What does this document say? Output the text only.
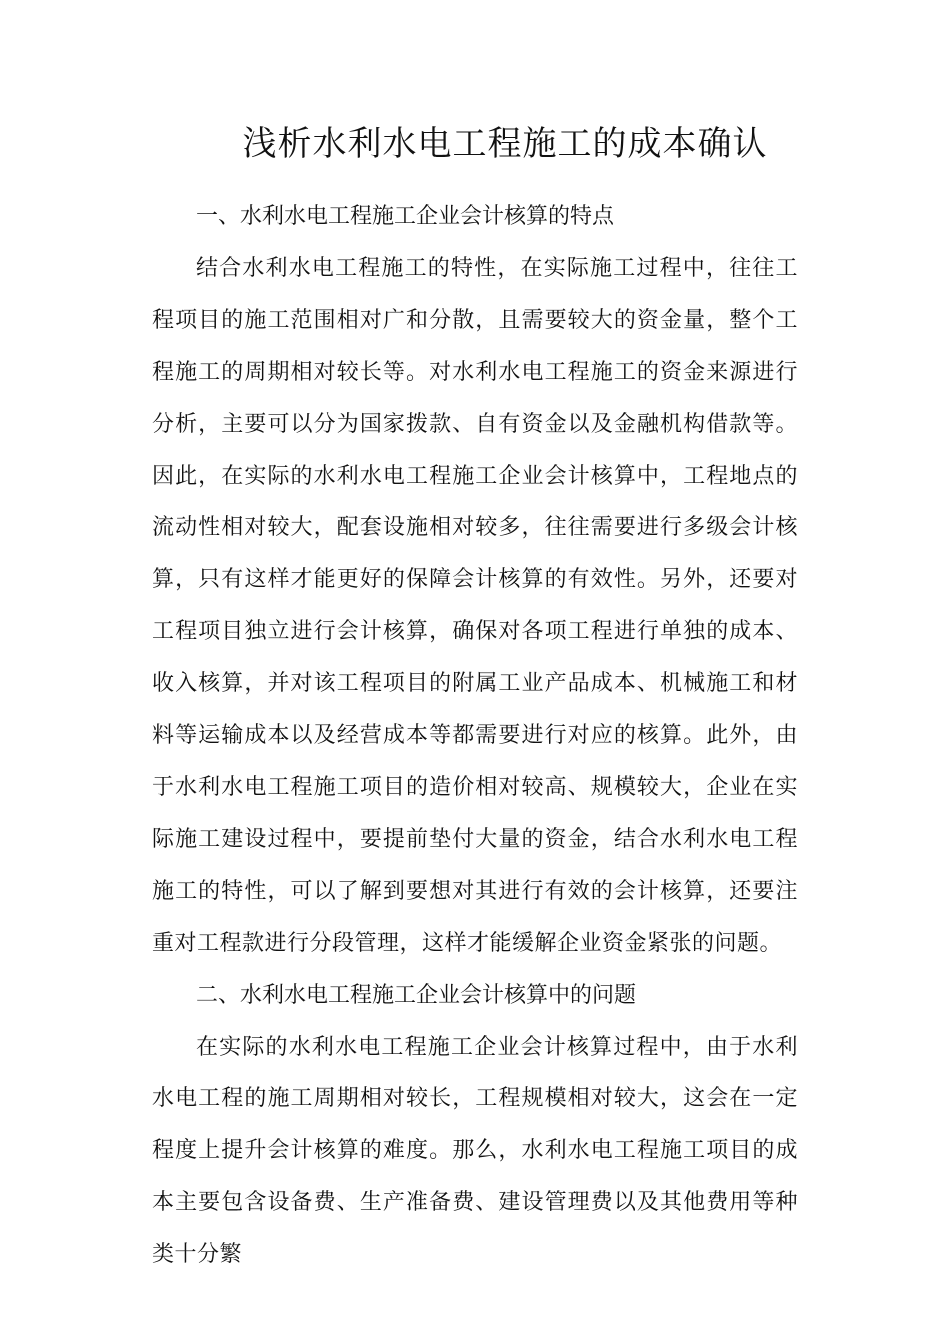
浅析水利水电工程施工的成本确认

一、水利水电工程施工企业会计核算的特点

结合水利水电工程施工的特性，在实际施工过程中，往往工程项目的施工范围相对广和分散，且需要较大的资金量，整个工程施工的周期相对较长等。对水利水电工程施工的资金来源进行分析，主要可以分为国家拨款、自有资金以及金融机构借款等。因此，在实际的水利水电工程施工企业会计核算中，工程地点的流动性相对较大，配套设施相对较多，往往需要进行多级会计核算，只有这样才能更好的保障会计核算的有效性。另外，还要对工程项目独立进行会计核算，确保对各项工程进行单独的成本、收入核算，并对该工程项目的附属工业产品成本、机械施工和材料等运输成本以及经营成本等都需要进行对应的核算。此外，由于水利水电工程施工项目的造价相对较高、规模较大，企业在实际施工建设过程中，要提前垫付大量的资金，结合水利水电工程施工的特性，可以了解到要想对其进行有效的会计核算，还要注重对工程款进行分段管理，这样才能缓解企业资金紧张的问题。

二、水利水电工程施工企业会计核算中的问题

在实际的水利水电工程施工企业会计核算过程中，由于水利水电工程的施工周期相对较长，工程规模相对较大，这会在一定程度上提升会计核算的难度。那么，水利水电工程施工项目的成本主要包含设备费、生产准备费、建设管理费以及其他费用等种类十分繁
